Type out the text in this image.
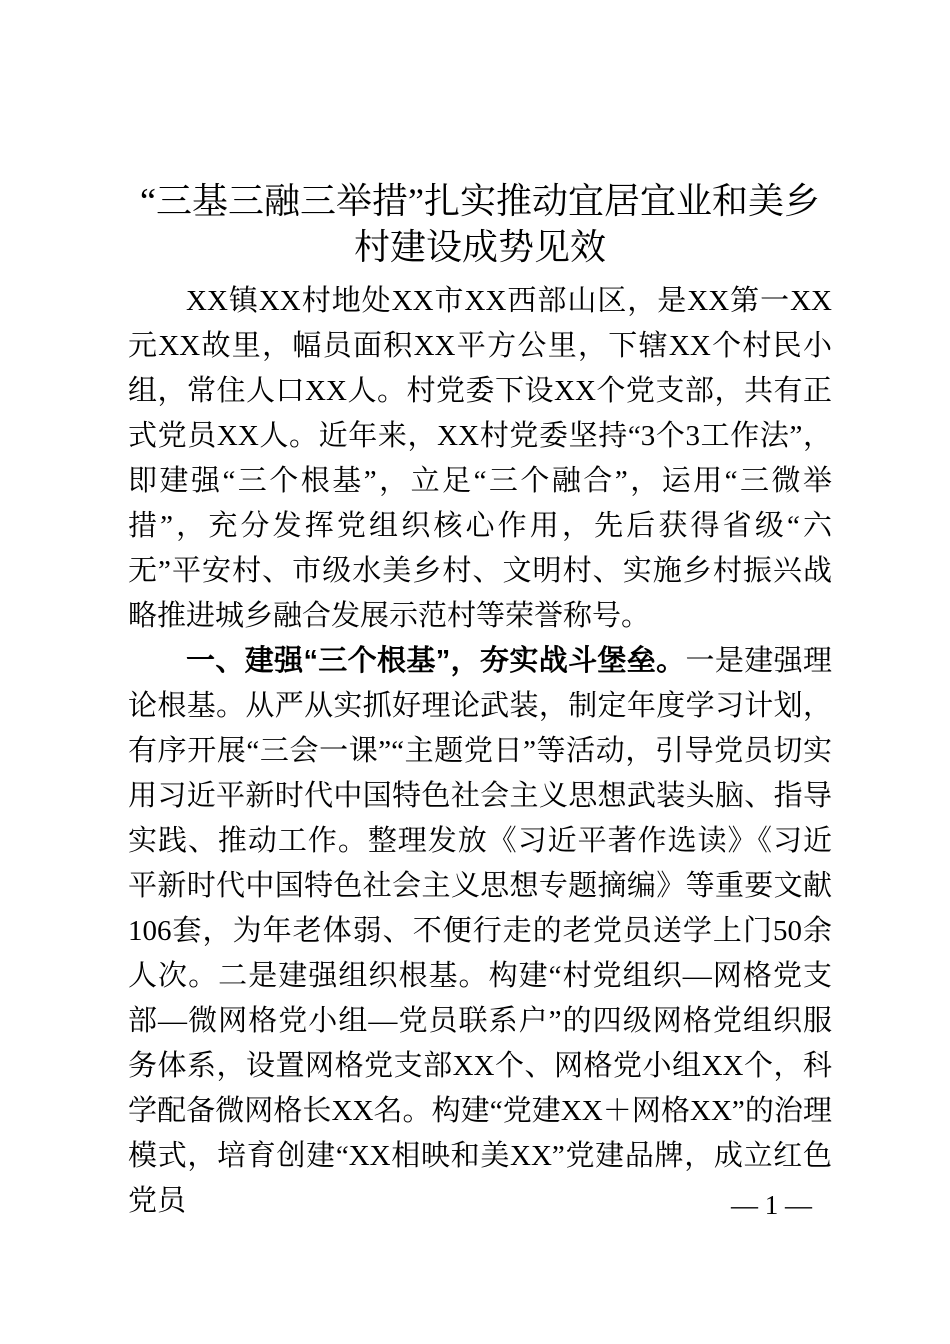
“三基三融三举措”扎实推动宜居宜业和美乡
村建设成势见效

XX镇XX村地处XX市XX西部山区，是XX第一XX元XX故里，幅员面积XX平方公里，下辖XX个村民小组，常住人口XX人。村党委下设XX个党支部，共有正式党员XX人。近年来，XX村党委坚持“3个3工作法”，即建强“三个根基”，立足“三个融合”，运用“三微举措”，充分发挥党组织核心作用，先后获得省级“六无”平安村、市级水美乡村、文明村、实施乡村振兴战略推进城乡融合发展示范村等荣誉称号。

一、建强“三个根基”，夯实战斗堡垒。一是建强理论根基。从严从实抓好理论武装，制定年度学习计划，有序开展“三会一课”“主题党日”等活动，引导党员切实用习近平新时代中国特色社会主义思想武装头脑、指导实践、推动工作。整理发放《习近平著作选读》《习近平新时代中国特色社会主义思想专题摘编》等重要文献106套，为年老体弱、不便行走的老党员送学上门50余人次。二是建强组织根基。构建“村党组织—网格党支部—微网格党小组—党员联系户”的四级网格党组织服务体系，设置网格党支部XX个、网格党小组XX个，科学配备微网格长XX名。构建“党建XX＋网格XX”的治理模式，培育创建“XX相映和美XX”党建品牌，成立红色党员	— 1 —
